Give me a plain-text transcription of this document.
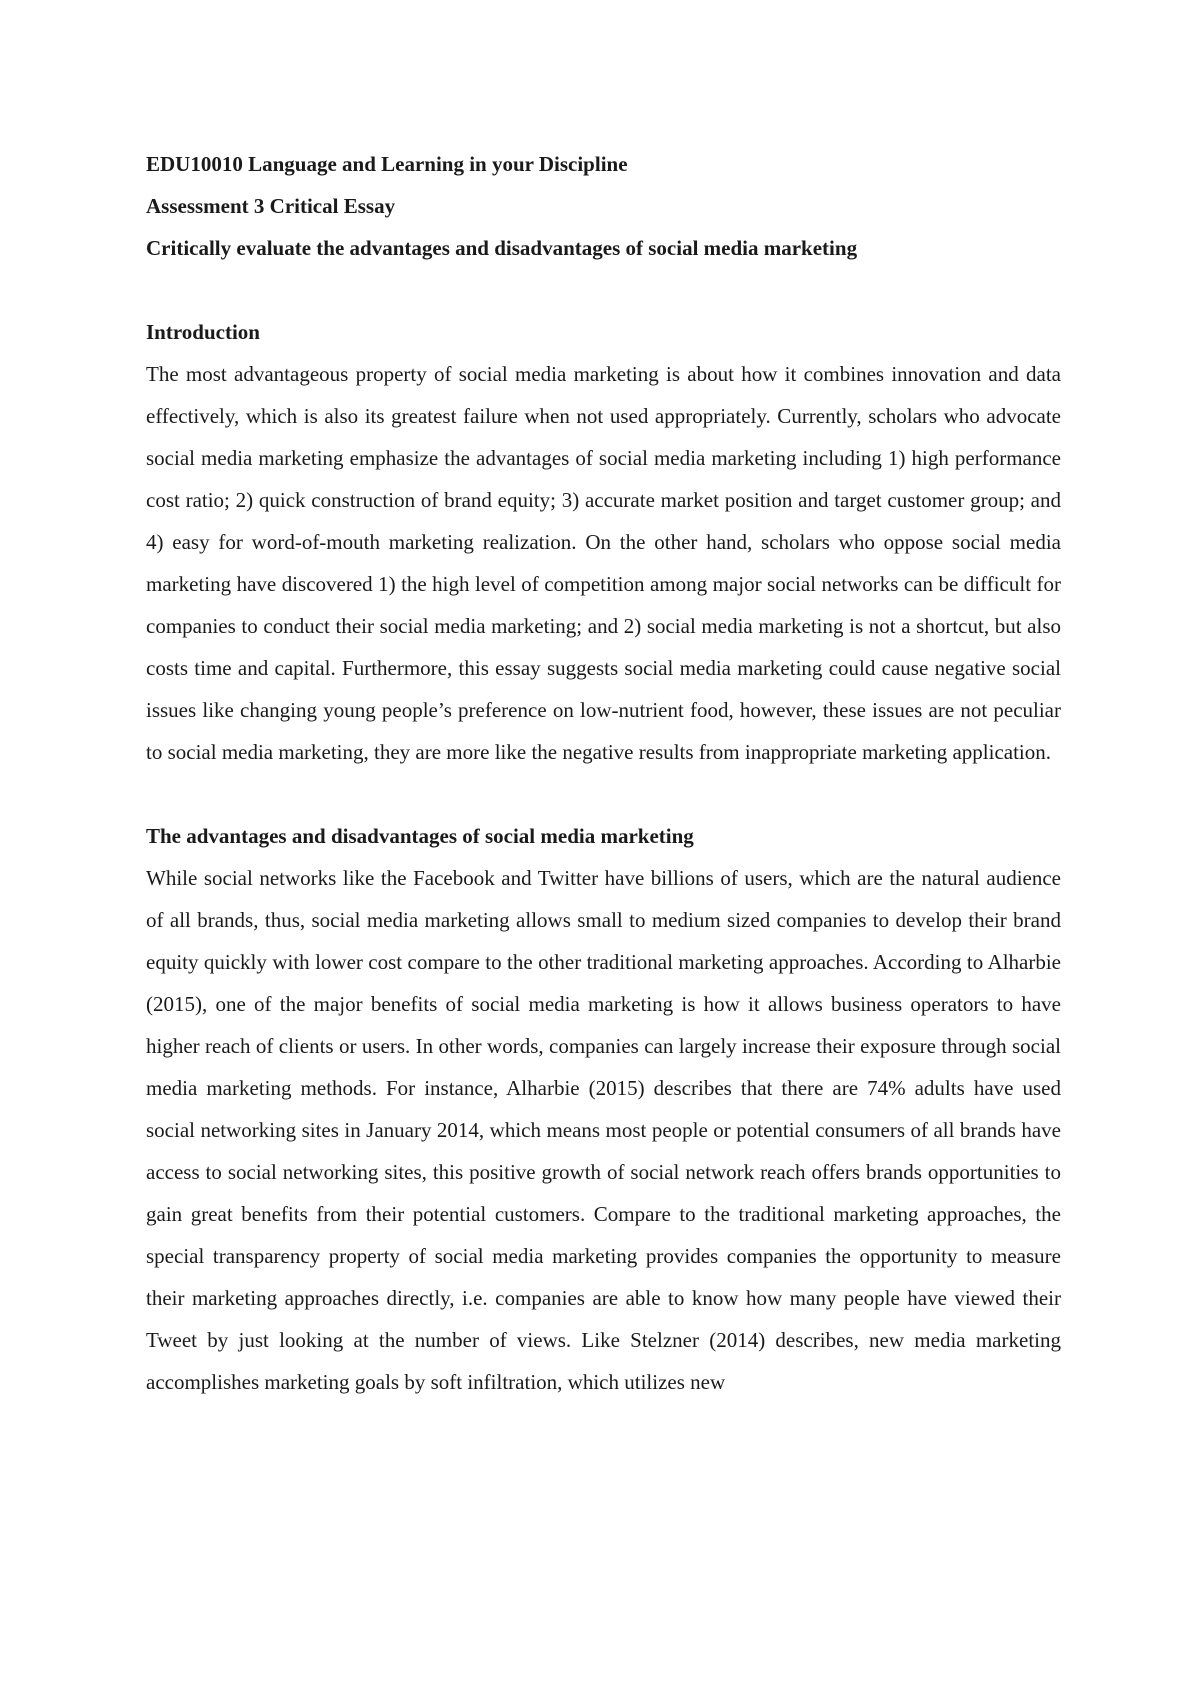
EDU10010 Language and Learning in your Discipline

Assessment 3 Critical Essay

Critically evaluate the advantages and disadvantages of social media marketing

Introduction

The most advantageous property of social media marketing is about how it combines innovation and data effectively, which is also its greatest failure when not used appropriately. Currently, scholars who advocate social media marketing emphasize the advantages of social media marketing including 1) high performance cost ratio; 2) quick construction of brand equity; 3) accurate market position and target customer group; and 4) easy for word-of-mouth marketing realization. On the other hand, scholars who oppose social media marketing have discovered 1) the high level of competition among major social networks can be difficult for companies to conduct their social media marketing; and 2) social media marketing is not a shortcut, but also costs time and capital. Furthermore, this essay suggests social media marketing could cause negative social issues like changing young people’s preference on low-nutrient food, however, these issues are not peculiar to social media marketing, they are more like the negative results from inappropriate marketing application.

The advantages and disadvantages of social media marketing

While social networks like the Facebook and Twitter have billions of users, which are the natural audience of all brands, thus, social media marketing allows small to medium sized companies to develop their brand equity quickly with lower cost compare to the other traditional marketing approaches. According to Alharbie (2015), one of the major benefits of social media marketing is how it allows business operators to have higher reach of clients or users. In other words, companies can largely increase their exposure through social media marketing methods. For instance, Alharbie (2015) describes that there are 74% adults have used social networking sites in January 2014, which means most people or potential consumers of all brands have access to social networking sites, this positive growth of social network reach offers brands opportunities to gain great benefits from their potential customers. Compare to the traditional marketing approaches, the special transparency property of social media marketing provides companies the opportunity to measure their marketing approaches directly, i.e. companies are able to know how many people have viewed their Tweet by just looking at the number of views. Like Stelzner (2014) describes, new media marketing accomplishes marketing goals by soft infiltration, which utilizes new
